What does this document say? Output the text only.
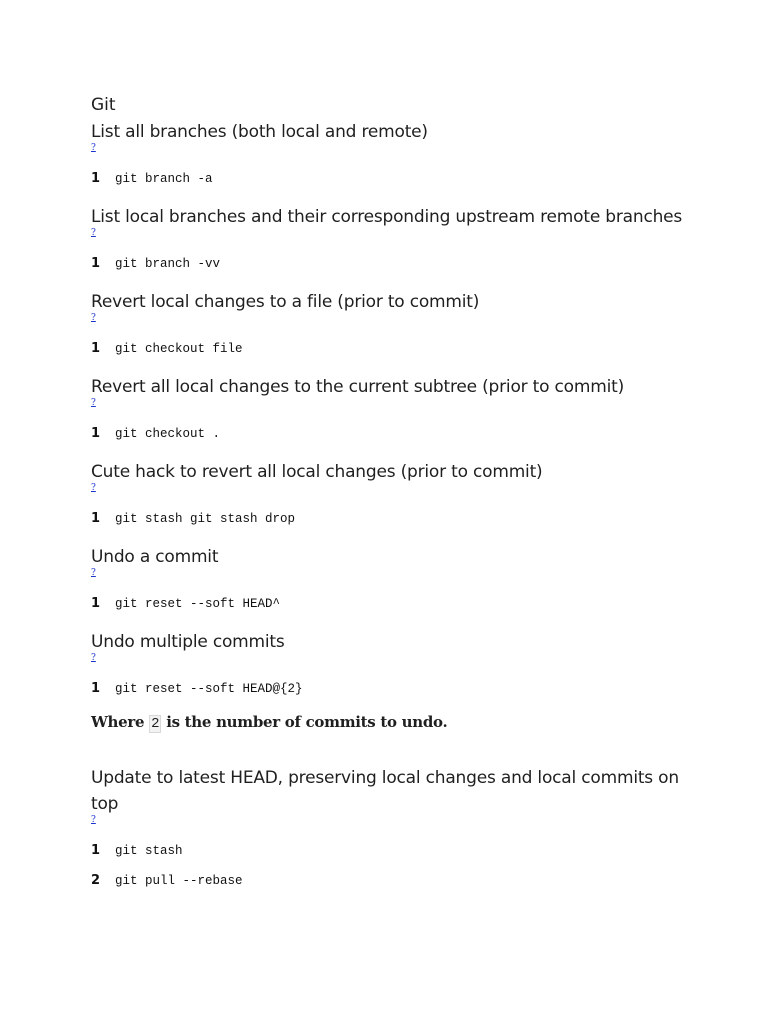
Git
List all branches (both local and remote)
?
1	git branch -a
List local branches and their corresponding upstream remote branches
?
1	git branch -vv
Revert local changes to a file (prior to commit)
?
1	git checkout file
Revert all local changes to the current subtree (prior to commit)
?
1	git checkout .
Cute hack to revert all local changes (prior to commit)
?
1	git stash git stash drop
Undo a commit
?
1	git reset --soft HEAD^
Undo multiple commits
?
1	git reset --soft HEAD@{2}

Where 2 is the number of commits to undo.

Update to latest HEAD, preserving local changes and local commits on top
?
1	git stash
2	git pull --rebase
